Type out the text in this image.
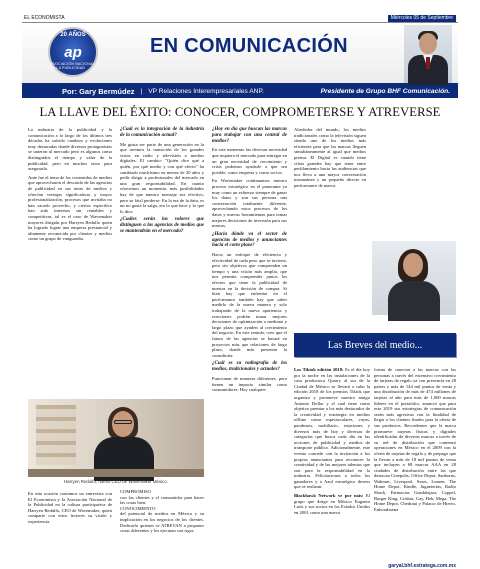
EL ECONOMISTA	Miércoles 05 de Septiembre
20 AÑOS
ap
ASOCIACIÓN NACIONAL DE LA PUBLICIDAD
EN COMUNICACIÓN
Por: Gary Bermúdez | VP Relaciones Interempresariales ANP.	Presidente de Grupo BHF Comunicación.
LA LLAVE DEL ÉXITO: CONOCER, COMPROMETERSE Y ATREVERSE

La industria de la publicidad y la comunicación a lo largo de los últimos tres décadas ha sufrido cambios y evoluciones muy destacadas donde diversos protagonistas se unieron al mercado pero es algunos como distinguidos el tiempo y valor de la publicidad, pero en muchos otros para asegurarlo.

Ante fue el tema de los contenidos de medios que aprovecharon el descuido de las agencias de publicidad en sus áreas de medios y ofrecían ventajas significativas y mayor profesionalización, procesos que invitaba no han sacado provecho, y ciertos especifico han sido intereses sin rentables y competitivas, tal es el caso de Wavemaker mayores dirigida por Harryen Redulfo quien ha logrado lograr una empresa prestancial y altamente reconocida por clientes y medios como un grupo de vanguardia.

¿Cuál es la integración de la industria de la comunicación actual?

Me gusta ser parte de una generación en la que tuvimos la transición de los grandes vistos en radio y televisión a medios digitales. El cambio: "Quién dice qué a quién, por qué medio y con qué efecto" ha cambiado muchísimo en menos de 20 años y pedir dirigir a profesionales del mercado en una gran responsabilidad. En cuanto ofrecemos un momento, más posibilidades hay de que nuestro mensaje sea efectivo, pero se fácil perderse. En la era de la data, es un no gusta la salga, era lo que hace y lo que lo dice.

¿Cuáles serán las valores que distinguen a las agencias de medios que se mantendrán en el mercado?

Harryen Redulfo, nuevo CEO de Wavemaker México.

En esta ocasión contamos un entrevista con El Economista y la Asociación Nacional de la Publicidad en la cultura participativa de Harryen Redulfo, CEO de Wavemaker, quien comparte con estos lectores su visión y experiencia.

COMPROMISO

con los clientes y el consumidor para hacer las cosas bien.

CONOCIMIENTO

del potencial de medios en México y su implicación en los negocios de los clientes. Dedicarlo quienes se ATREVAN a proponer cosas diferentes y los ejecutan con rigor.

¿Hoy en día que buscan las marcas para trabajar con una central de medios?

En este momento las diversas necesidad que requiera el mercado para entregar en un gran necesidad de crecimiento y crisis podemos ayudarle a que sea posible, como empresa y como socios.

En Wavemaker continuamos nuestro proceso estratégico en el panorama ya muy como un esfuerzo siempre de ganar los datos y son sus persona una conversación totalmente diferente, aprovechando estos procesos de los datos y nuevas herramientas para tomar mejores decisiones de inversión para sus marcas.

¿Hacia dónde va el sector de agencias de medios y anunciantes hacia el corto plazo?

Hacia un enfoque de eficiencia y efectividad de cada peso que se invierte, pero sin objetivos que comprenden un tiempo y una visión más amplia, que nos permita comprender juntos los efectos que tiene la publicidad de nuestra en la decisión de compra. Si bien hay que enfrentar en el performance también hay que saber medirlo de la nueva manera y solo trabajando de la nueva apariencia y reacciones podrán tomar mejores decisiones de optimización a mediano y largo plazo que ayuden al crecimiento del negocio. En este sentido, creo que el futuro de las agencias se basará en proyectos más que relaciones de largo plazo, donde más presentar la consultoría.

¿Cuál es su radiografía de los medios, tradicionales y actuales?

Funcionan de maneras diferentes, pero tienen un impacto similar como consumidores. Hoy cualquier

Alrededor del mundo, los medios tradicionales como la televisión siguen siendo uno de los medios más eficientes para que las marcas lleguen simultáneamente al igual que medios prensa. El Digital es cuando tiene cifras grandes hay que tener entre perfilamiento hacia las audiencias que nos lleva a una mayor conversación instantánea y un pequeño directo en performance de marca.

Las Breves del medio...

Los Tiktok edición 2018: Es el día hoy por la noche en las instalaciones de la casa productora Quarry al sur de la Ciudad de México se llevará a cabo la edición 2018 de los premios Tiktok que organiza y promueve nuestro amigo Antonio Dollar y el cual tiene como objetivo premiar a los más destacados de la creatividad y estrategia en medios offline como espectaculares, vayas, parabuses, mobiliario, estaciones y diversos más de hoy y diversas de categorías que busca cada día en las acciones de publicidad y medios de transporte público. Adicionalmente, este evento concede con la invitación a los propios anunciantes para reconocer la creatividad y de las mejores talentos que son para la responsabilidad en la industria. Felicitaciones a todos los ganadores y a Azul estratégico deseos que se realizan.

Blackhawk Network ve por más: El grupo que dirige en México Eugenio Laris y sus socios en los Estados Unidos en 2001 como una nueva

forma de conectar a las marcas con las personas a través del extensivo crecimiento de tarjetas de regalo ya con presencia en 28 países y más de 144 mil puntos de venta y una distribución de más de 474 millones de tarjetas al año para más de 1,000 marcas líderes en el portafolio, anunció que para este 2019 sus estrategias de comunicación serán más agresivas con la finalidad de llegar a los clientes finales para la oferta de sus productos. Recordemos que la marca promueve tarjetas físicas y digitales identificadas de diversas marcas a través de su red de distribución que comenzó operaciones en México en el 2009 con la oferta de tarjetas de regalo y de prepago que la llevan a más de 18 mil puntos de venta que incluyen a 68 marcas AAA en 28 ciudades de distribución entre las que destacan Cinepolis, Office Depot, Sanborns, Walmart, Liverpool, Sears, Lumen, The Home Depot, Kindle, Jugueterías, Radio Shack, Farmacias Guadalajara, Coppel, Burger King, Crisbar, Gay, Heb, Mega, The Home Depot, Chedraui y Palacio de Hierro, Enhorabuena

garyal.bhf.estratega.com.mx
